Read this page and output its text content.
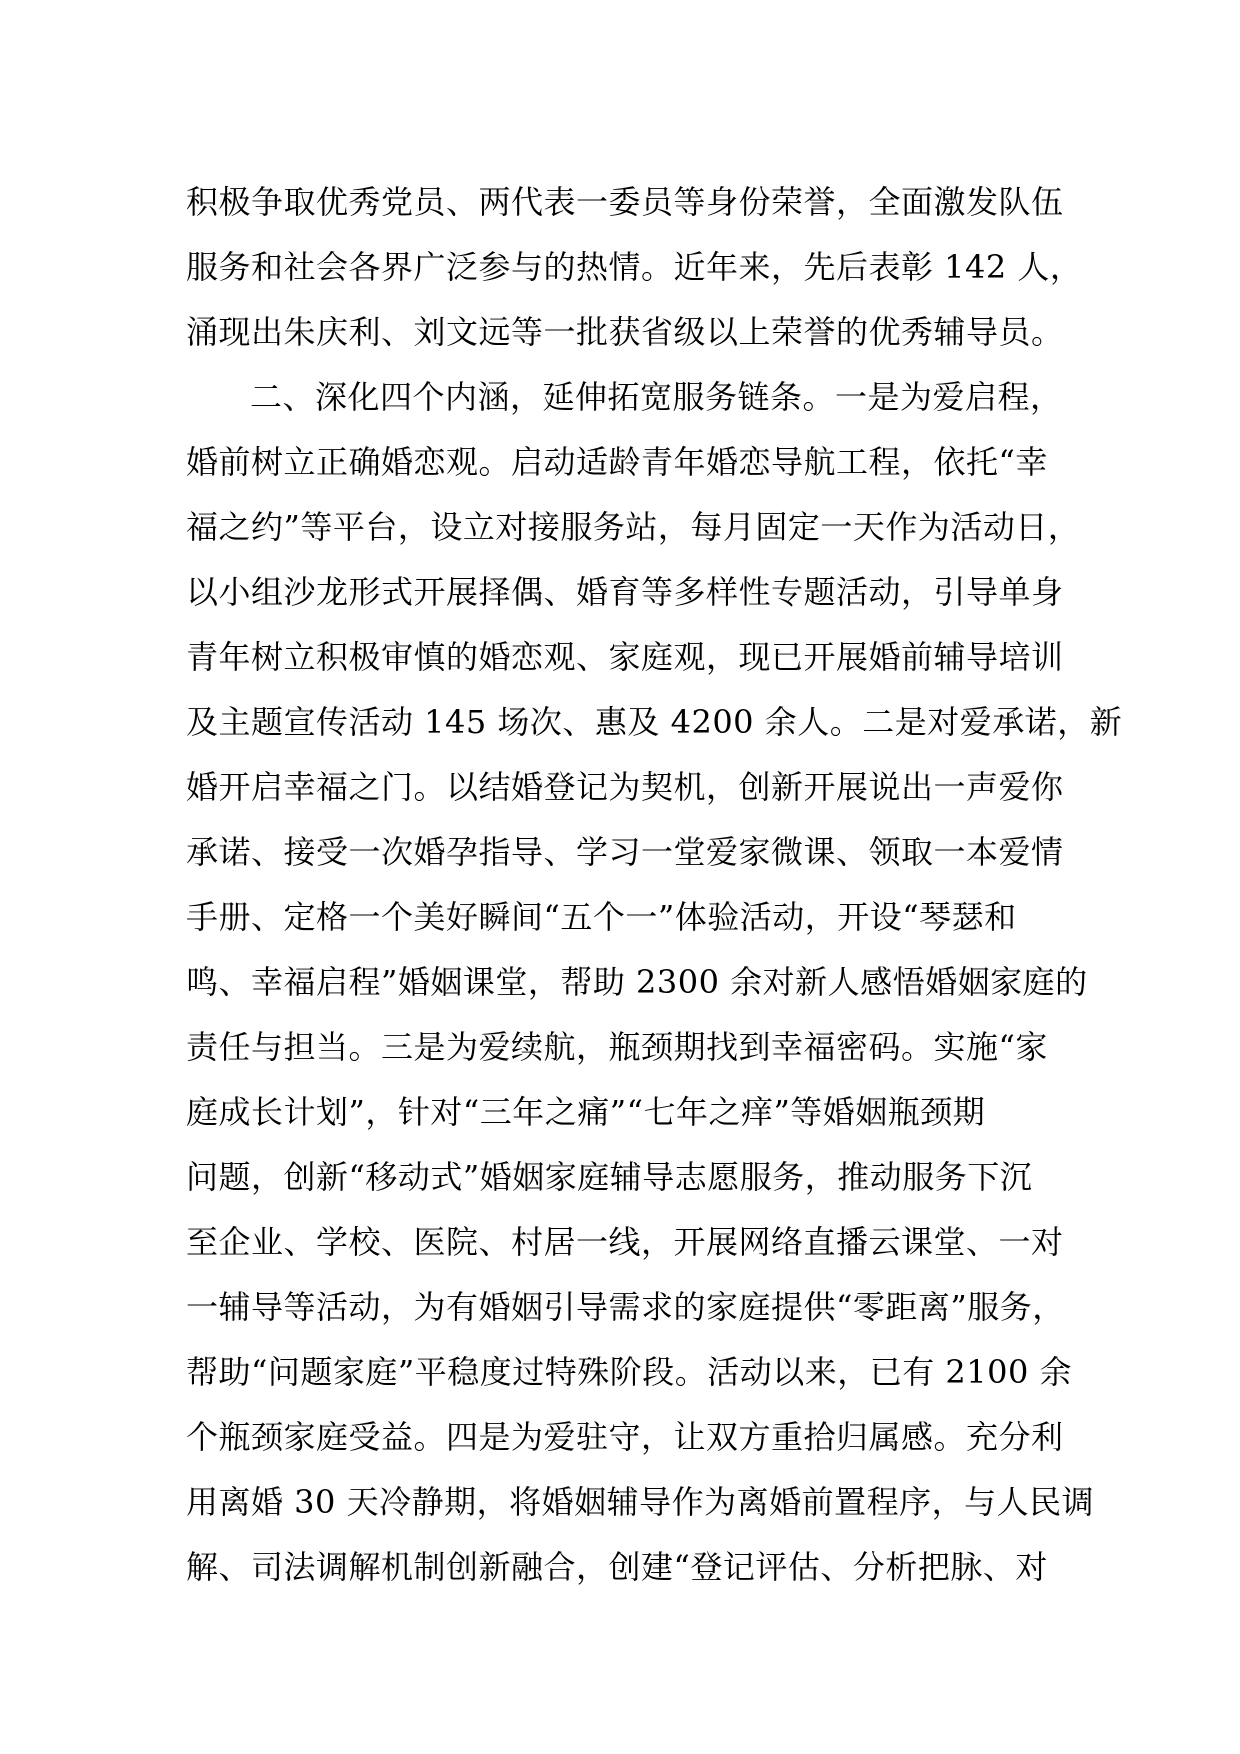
积极争取优秀党员、两代表一委员等身份荣誉，全面激发队伍
服务和社会各界广泛参与的热情。近年来，先后表彰 142 人，
涌现出朱庆利、刘文远等一批获省级以上荣誉的优秀辅导员。
二、深化四个内涵，延伸拓宽服务链条。一是为爱启程，
婚前树立正确婚恋观。启动适龄青年婚恋导航工程，依托“幸
福之约”等平台，设立对接服务站，每月固定一天作为活动日，
以小组沙龙形式开展择偶、婚育等多样性专题活动，引导单身
青年树立积极审慎的婚恋观、家庭观，现已开展婚前辅导培训
及主题宣传活动 145 场次、惠及 4200 余人。二是对爱承诺，新
婚开启幸福之门。以结婚登记为契机，创新开展说出一声爱你
承诺、接受一次婚孕指导、学习一堂爱家微课、领取一本爱情
手册、定格一个美好瞬间“五个一”体验活动，开设“琴瑟和
鸣、幸福启程”婚姻课堂，帮助 2300 余对新人感悟婚姻家庭的
责任与担当。三是为爱续航，瓶颈期找到幸福密码。实施“家
庭成长计划”，针对“三年之痛”“七年之痒”等婚姻瓶颈期
问题，创新“移动式”婚姻家庭辅导志愿服务，推动服务下沉
至企业、学校、医院、村居一线，开展网络直播云课堂、一对
一辅导等活动，为有婚姻引导需求的家庭提供“零距离”服务，
帮助“问题家庭”平稳度过特殊阶段。活动以来，已有 2100 余
个瓶颈家庭受益。四是为爱驻守，让双方重拾归属感。充分利
用离婚 30 天冷静期，将婚姻辅导作为离婚前置程序，与人民调
解、司法调解机制创新融合，创建“登记评估、分析把脉、对
